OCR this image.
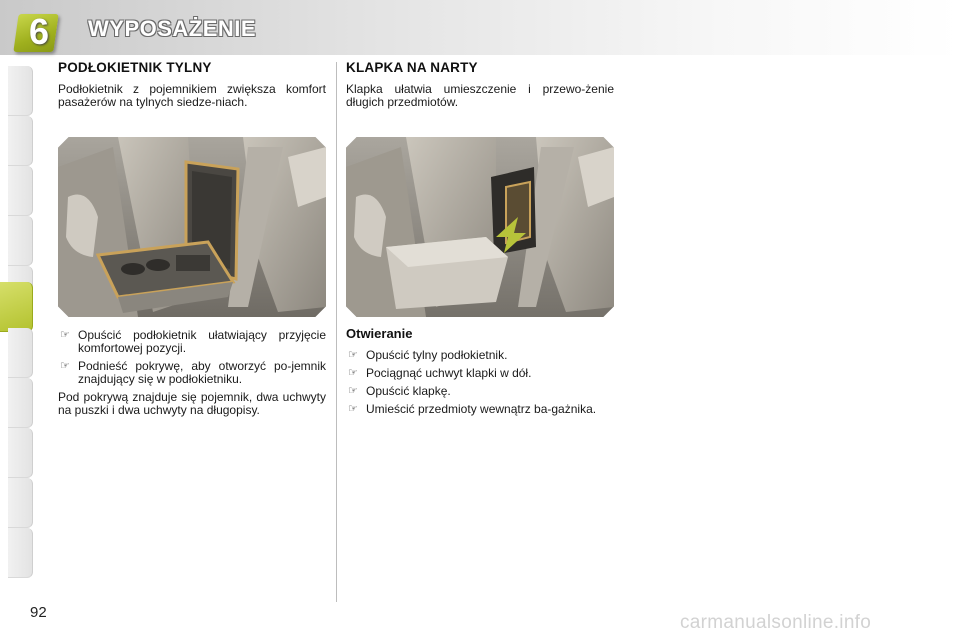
6 WYPOSAŻENIE
PODŁOKIETNIK TYLNY

Podłokietnik z pojemnikiem zwiększa komfort pasażerów na tylnych siedze-niach.

☞ Opuścić podłokietnik ułatwiający przyjęcie komfortowej pozycji.
☞ Podnieść pokrywę, aby otworzyć po-jemnik znajdujący się w podłokietniku.

Pod pokrywą znajduje się pojemnik, dwa uchwyty na puszki i dwa uchwyty na długopisy.

KLAPKA NA NARTY

Klapka ułatwia umieszczenie i przewo-żenie długich przedmiotów.

Otwieranie
☞ Opuścić tylny podłokietnik.
☞ Pociągnąć uchwyt klapki w dół.
☞ Opuścić klapkę.
☞ Umieścić przedmioty wewnątrz ba-gażnika.
92	carmanualsonline.info
